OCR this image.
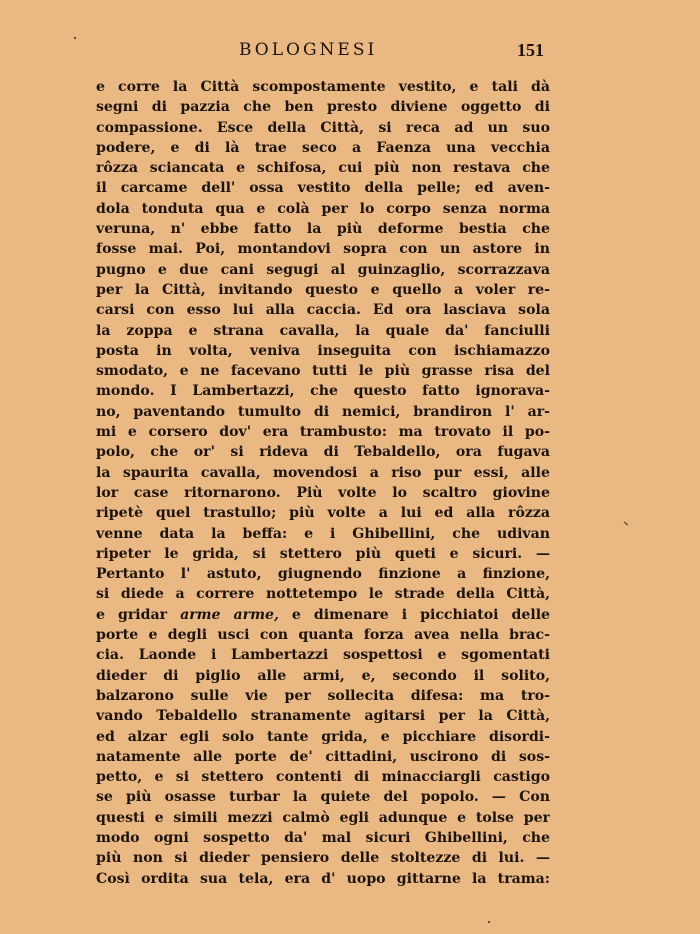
BOLOGNESI	151
e corre la Città scompostamente vestito, e tali dà
segni di pazzia che ben presto diviene oggetto di
compassione. Esce della Città, si reca ad un suo
podere, e di là trae seco a Faenza una vecchia
rôzza sciancata e schifosa, cui più non restava che
il carcame dell' ossa vestito della pelle; ed aven-
dola tonduta qua e colà per lo corpo senza norma
veruna, n' ebbe fatto la più deforme bestia che
fosse mai. Poi, montandovi sopra con un astore in
pugno e due cani segugi al guinzaglio, scorrazzava
per la Città, invitando questo e quello a voler re-
carsi con esso lui alla caccia. Ed ora lasciava sola
la zoppa e strana cavalla, la quale da' fanciulli
posta in volta, veniva inseguita con ischiamazzo
smodato, e ne facevano tutti le più grasse risa del
mondo. I Lambertazzi, che questo fatto ignorava-
no, paventando tumulto di nemici, brandiron l' ar-
mi e corsero dov' era trambusto: ma trovato il po-
polo, che or' si rideva di Tebaldello, ora fugava
la spaurita cavalla, movendosi a riso pur essi, alle
lor case ritornarono. Più volte lo scaltro giovine
ripetè quel trastullo; più volte a lui ed alla rôzza
venne data la beffa: e i Ghibellini, che udivan
ripeter le grida, si stettero più queti e sicuri. —
Pertanto l' astuto, giugnendo finzione a finzione,
si diede a correre nottetempo le strade della Città,
e gridar arme arme, e dimenare i picchiatoi delle
porte e degli usci con quanta forza avea nella brac-
cia. Laonde i Lambertazzi sospettosi e sgomentati
dieder di piglio alle armi, e, secondo il solito,
balzarono sulle vie per sollecita difesa: ma tro-
vando Tebaldello stranamente agitarsi per la Città,
ed alzar egli solo tante grida, e picchiare disordi-
natamente alle porte de' cittadini, uscirono di sos-
petto, e si stettero contenti di minacciargli castigo
se più osasse turbar la quiete del popolo. — Con
questi e simili mezzi calmò egli adunque e tolse per
modo ogni sospetto da' mal sicuri Ghibellini, che
più non si dieder pensiero delle stoltezze di lui. —
Così ordita sua tela, era d' uopo gittarne la trama:
